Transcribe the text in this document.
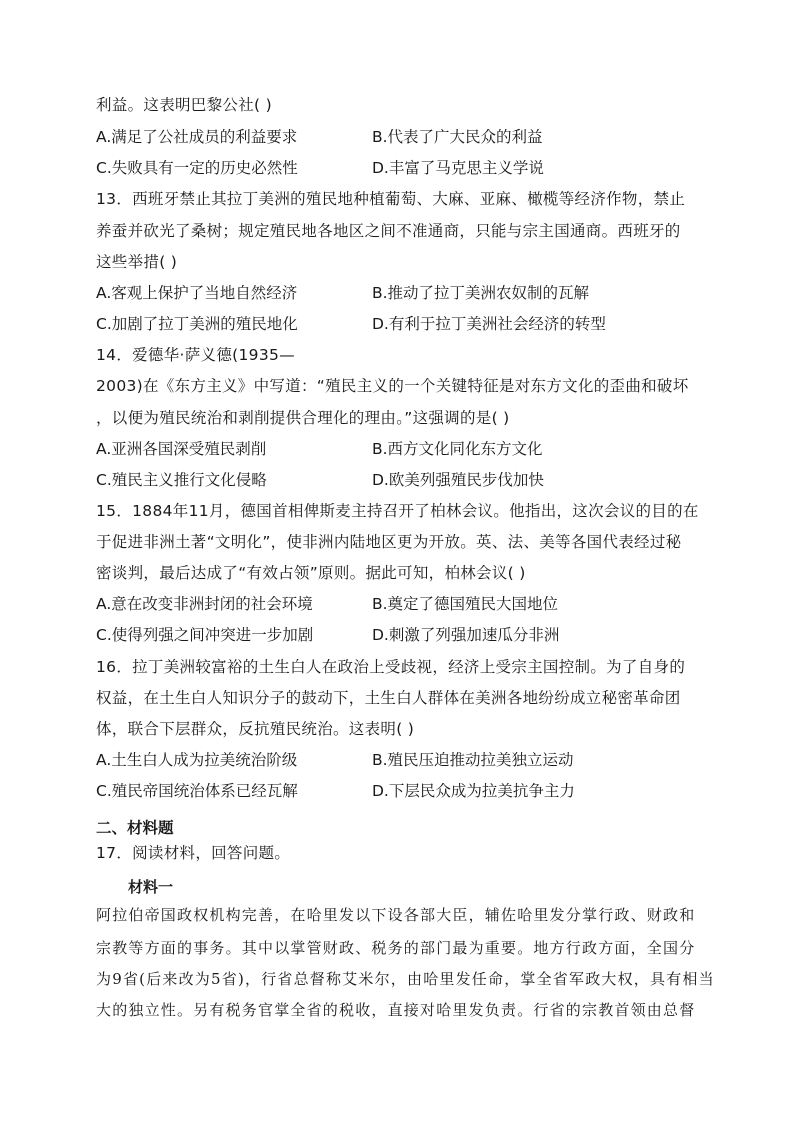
利益。这表明巴黎公社( )
A.满足了公社成员的利益要求	B.代表了广大民众的利益
C.失败具有一定的历史必然性	D.丰富了马克思主义学说
13．西班牙禁止其拉丁美洲的殖民地种植葡萄、大麻、亚麻、橄榄等经济作物，禁止
养蚕并砍光了桑树；规定殖民地各地区之间不准通商，只能与宗主国通商。西班牙的
这些举措( )
A.客观上保护了当地自然经济	B.推动了拉丁美洲农奴制的瓦解
C.加剧了拉丁美洲的殖民地化	D.有利于拉丁美洲社会经济的转型
14．爱德华·萨义德(1935—
2003)在《东方主义》中写道：“殖民主义的一个关键特征是对东方文化的歪曲和破坏
，以便为殖民统治和剥削提供合理化的理由。”这强调的是( )
A.亚洲各国深受殖民剥削	B.西方文化同化东方文化
C.殖民主义推行文化侵略	D.欧美列强殖民步伐加快
15．1884年11月，德国首相俾斯麦主持召开了柏林会议。他指出，这次会议的目的在
于促进非洲土著“文明化”，使非洲内陆地区更为开放。英、法、美等各国代表经过秘
密谈判，最后达成了“有效占领”原则。据此可知，柏林会议( )
A.意在改变非洲封闭的社会环境	B.奠定了德国殖民大国地位
C.使得列强之间冲突进一步加剧	D.刺激了列强加速瓜分非洲
16．拉丁美洲较富裕的土生白人在政治上受歧视，经济上受宗主国控制。为了自身的
权益，在土生白人知识分子的鼓动下，土生白人群体在美洲各地纷纷成立秘密革命团
体，联合下层群众，反抗殖民统治。这表明( )
A.土生白人成为拉美统治阶级	B.殖民压迫推动拉美独立运动
C.殖民帝国统治体系已经瓦解	D.下层民众成为拉美抗争主力
二、材料题
17．阅读材料，回答问题。
材料一
阿拉伯帝国政权机构完善，在哈里发以下设各部大臣，辅佐哈里发分掌行政、财政和
宗教等方面的事务。其中以掌管财政、税务的部门最为重要。地方行政方面，全国分
为9省(后来改为5省)，行省总督称艾米尔，由哈里发任命，掌全省军政大权，具有相当
大的独立性。另有税务官掌全省的税收，直接对哈里发负责。行省的宗教首领由总督
